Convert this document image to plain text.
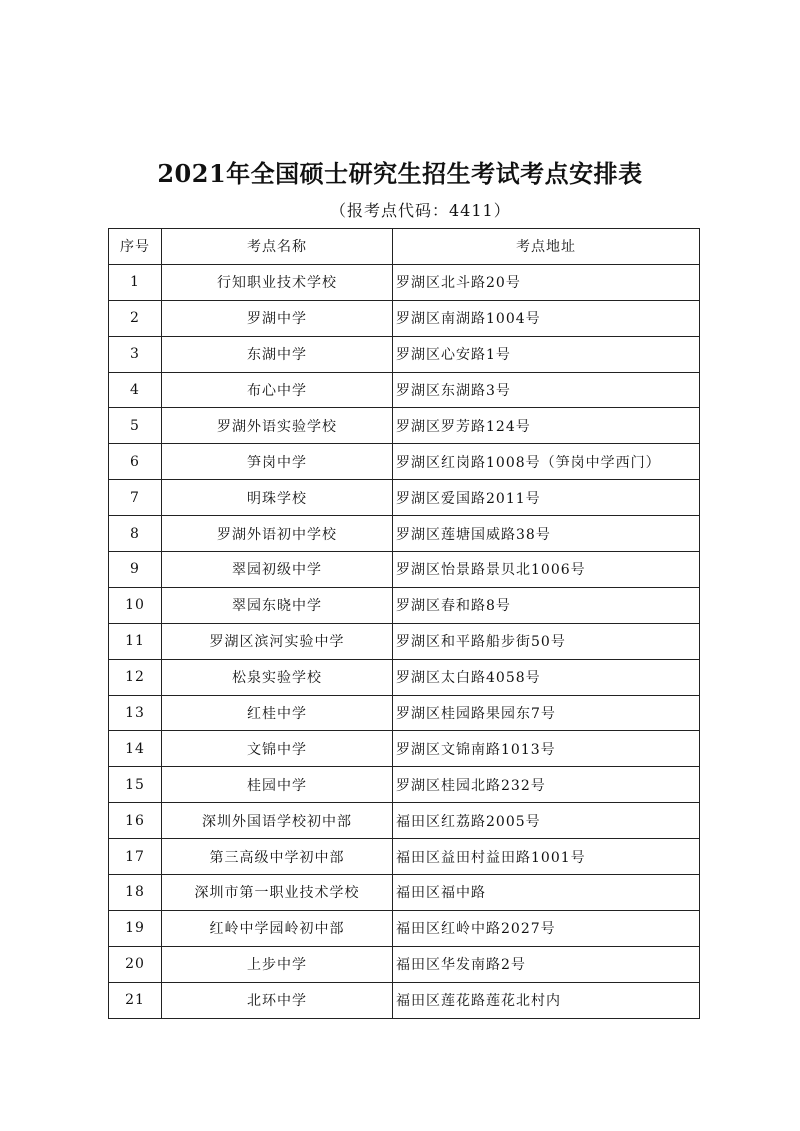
2021年全国硕士研究生招生考试考点安排表
（报考点代码：4411）
序号	考点名称	考点地址
1	行知职业技术学校	罗湖区北斗路20号
2	罗湖中学	罗湖区南湖路1004号
3	东湖中学	罗湖区心安路1号
4	布心中学	罗湖区东湖路3号
5	罗湖外语实验学校	罗湖区罗芳路124号
6	笋岗中学	罗湖区红岗路1008号（笋岗中学西门）
7	明珠学校	罗湖区爱国路2011号
8	罗湖外语初中学校	罗湖区莲塘国威路38号
9	翠园初级中学	罗湖区怡景路景贝北1006号
10	翠园东晓中学	罗湖区春和路8号
11	罗湖区滨河实验中学	罗湖区和平路船步街50号
12	松泉实验学校	罗湖区太白路4058号
13	红桂中学	罗湖区桂园路果园东7号
14	文锦中学	罗湖区文锦南路1013号
15	桂园中学	罗湖区桂园北路232号
16	深圳外国语学校初中部	福田区红荔路2005号
17	第三高级中学初中部	福田区益田村益田路1001号
18	深圳市第一职业技术学校	福田区福中路
19	红岭中学园岭初中部	福田区红岭中路2027号
20	上步中学	福田区华发南路2号
21	北环中学	福田区莲花路莲花北村内
